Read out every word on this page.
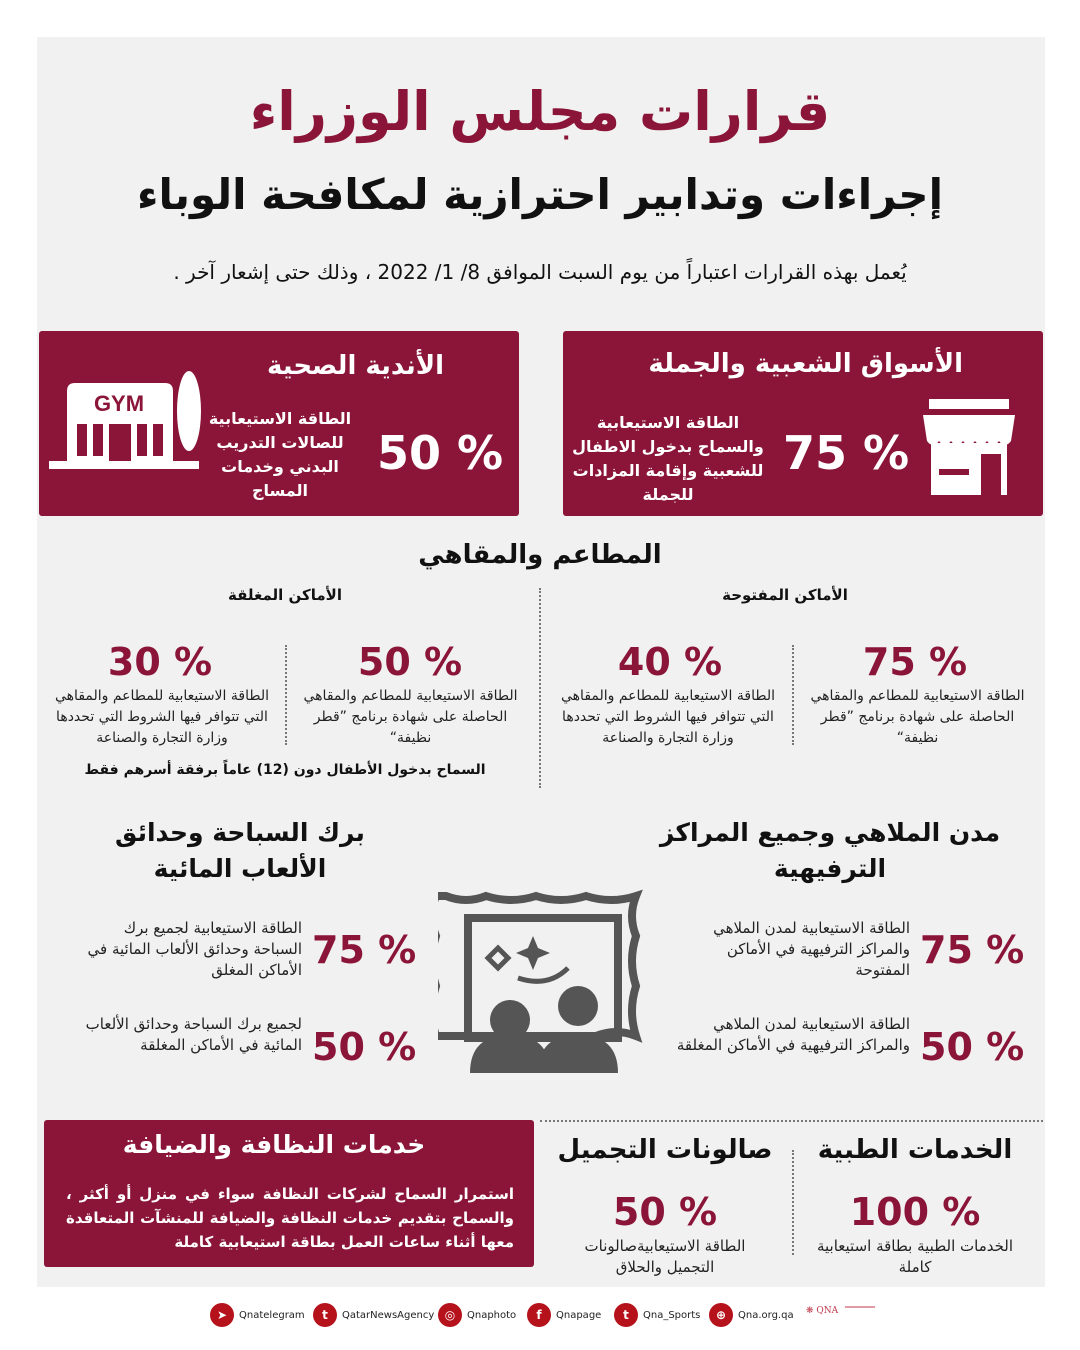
قرارات مجلس الوزراء
إجراءات وتدابير احترازية لمكافحة الوباء
يُعمل بهذه القرارات اعتباراً من يوم السبت الموافق 8/ 1/ 2022 ، وذلك حتى إشعار آخر .
الأسواق الشعبية والجملة
الطاقة الاستيعابية والسماح بدخول الاطفال للشعبية وإقامة المزادات للجملة
75 %
الأندية الصحية
الطاقة الاستيعابية للصالات التدريب البدني وخدمات المساج
50 %
GYM
المطاعم والمقاهي
الأماكن المفتوحة
الأماكن المغلقة
75 %
الطاقة الاستيعابية للمطاعم والمقاهي الحاصلة على شهادة برنامج ”قطر نظيفة“
40 %
الطاقة الاستيعابية للمطاعم والمقاهي التي تتوافر فيها الشروط التي تحددها وزارة التجارة والصناعة
50 %
الطاقة الاستيعابية للمطاعم والمقاهي الحاصلة على شهادة برنامج ”قطر نظيفة“
30 %
الطاقة الاستيعابية للمطاعم والمقاهي التي تتوافر فيها الشروط التي تحددها وزارة التجارة والصناعة
السماح بدخول الأطفال دون (12) عاماً برفقة أسرهم فقط
مدن الملاهي وجميع المراكز الترفيهية
75 %
الطاقة الاستيعابية لمدن الملاهي والمراكز الترفيهية في الأماكن المفتوحة
50 %
الطاقة الاستيعابية لمدن الملاهي والمراكز الترفيهية في الأماكن المغلقة
برك السباحة وحدائق الألعاب المائية
75 %
الطاقة الاستيعابية لجميع برك السباحة وحدائق الألعاب المائية في الأماكن المغلق
50 %
لجميع برك السباحة وحدائق الألعاب المائية في الأماكن المغلقة
الخدمات الطبية
100 %
الخدمات الطبية بطاقة استيعابية كاملة
صالونات التجميل
50 %
الطاقة الاستيعابيةصالونات التجميل والحلاق
خدمات النظافة والضيافة
استمرار السماح لشركات النظافة سواء في منزل أو أكثر ، والسماح بتقديم خدمات النظافة والضيافة للمنشآت المتعاقدة معها أثناء ساعات العمل بطاقة استيعابية كاملة
➤	Qnatelegram	t	QatarNewsAgency ◎	Qnaphoto	f	Qnapage	t	Qna_Sports	⊕	Qna.org.qa ❋ QNA
